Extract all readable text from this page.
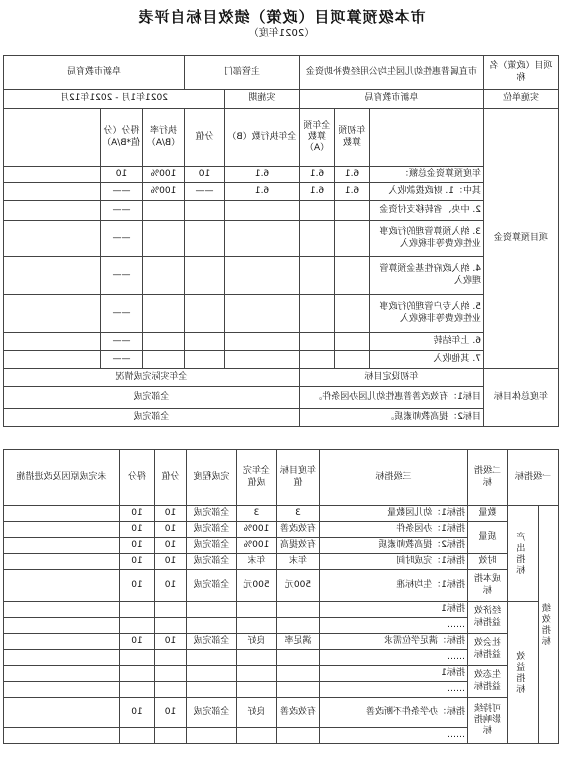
市本级预算项目（政策）绩效目标自评表
（2021年度）
项目（政策）名称	市直属普惠性幼儿园生均公用经费补助资金			主管部门		阜新市教育局		
实施单位	阜新市教育局			实施期	2021年1月 - 2021年12月			
项目预算资金		年初预算数	全年预算数（A）	全年执行数（B）	分值	执行率（B/A）	得分（分值*B/A）	
	年度预算资金总额：	6.1	6.1	6.1	10	100%	10	
	其中：1. 财政拨款收入	6.1	6.1	6.1	——	100%	——	
	2. 中央、省转移支付资金						——	
	3. 纳入预算管理的行政事业性收费等非税收入						——	
	4. 纳入政府性基金预算管理收入						——	
	5. 纳入专户管理的行政事业性收费等非税收入						——	
	6. 上年结转						——	
	7. 其他收入						——	
年度总体目标	年初设定目标			全年实际完成情况				
	目标1：有效改善普惠性幼儿园办园条件。			全部完成				
	目标2：提高教师素质。			全部完成				
一级指标		二级指标	三级指标	年度目标值	全年完成值	完成程度	分值	得分	未完成原因及改进措施
绩效指标	产出指标	数量	指标1：幼儿园数量	3	3	全部完成	10	10	
		质量	指标1：办园条件	有效改善	100%	全部完成	10	10	
			指标2：提高教师素质	有效提高	100%	全部完成	10	10	
		时效	指标1：完成时间	年末	年末	全部完成	10	10	
		成本指标	指标1：生均标准	500元	500元	全部完成	10	10	
	效益指标	经济效益指标	指标1						
			……						
		社会效益指标	指标：满足学位需求	满足率	良好	全部完成	10	10	
			……						
		生态效益指标	指标1						
			……						
		可持续影响指标	指标：办学条件不断改善	有效改善	良好	全部完成	10	10	
			……						
